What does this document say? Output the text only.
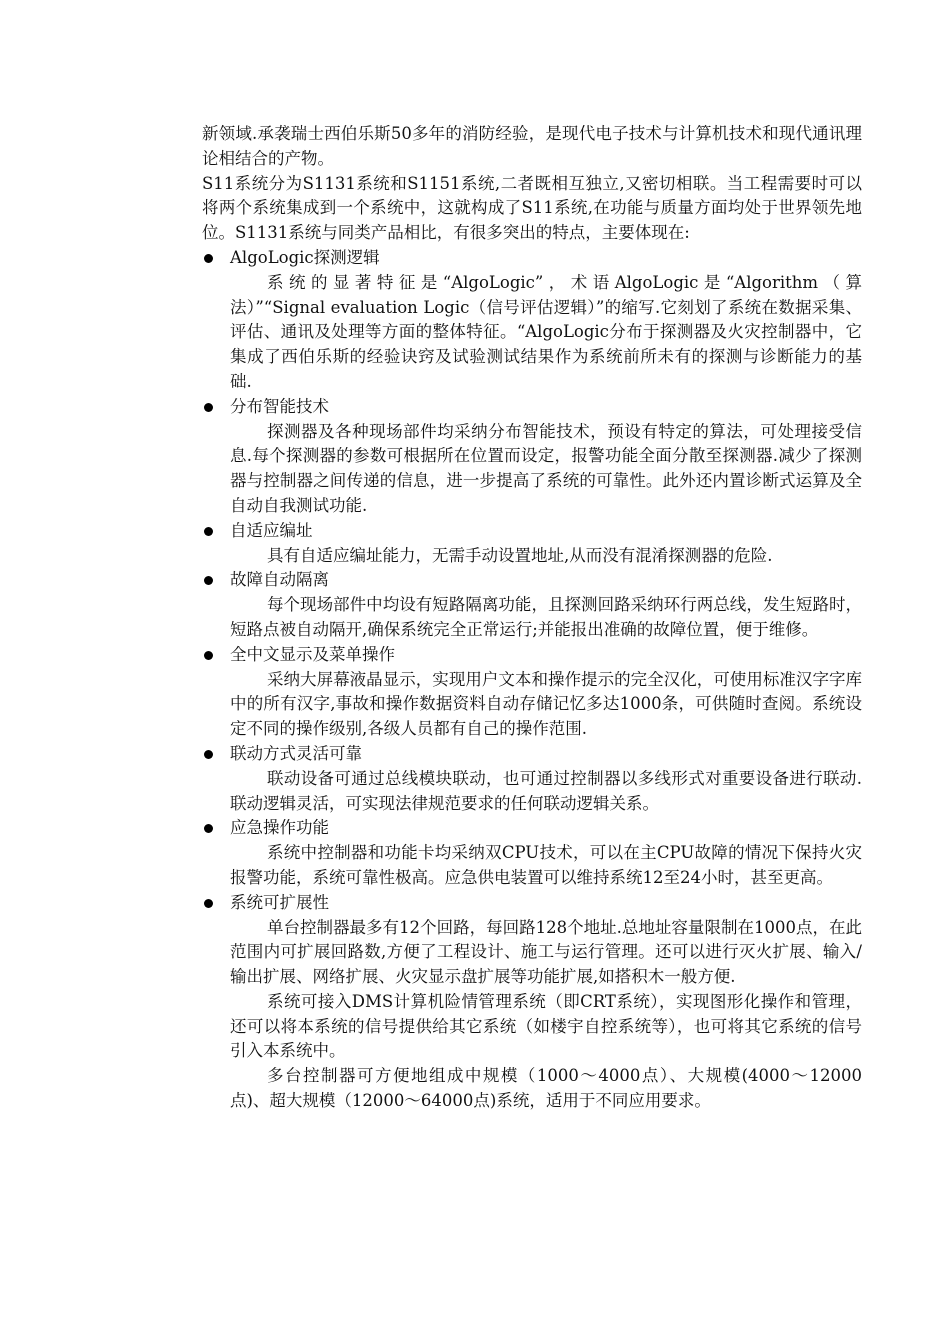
新领域.承袭瑞士西伯乐斯50多年的消防经验，是现代电子技术与计算机技术和现代通讯理论相结合的产物。

S11系统分为S1131系统和S1151系统,二者既相互独立,又密切相联。当工程需要时可以将两个系统集成到一个系统中，这就构成了S11系统,在功能与质量方面均处于世界领先地位。S1131系统与同类产品相比，有很多突出的特点，主要体现在:

AlgoLogic探测逻辑

系统的显著特征是“AlgoLogic”，术语AlgoLogic是“Algorithm（算法）”“Signal evaluation Logic（信号评估逻辑）”的缩写.它刻划了系统在数据采集、评估、通讯及处理等方面的整体特征。“AlgoLogic分布于探测器及火灾控制器中，它集成了西伯乐斯的经验诀窍及试验测试结果作为系统前所未有的探测与诊断能力的基础.

分布智能技术

探测器及各种现场部件均采纳分布智能技术，预设有特定的算法，可处理接受信息.每个探测器的参数可根据所在位置而设定，报警功能全面分散至探测器.减少了探测器与控制器之间传递的信息，进一步提高了系统的可靠性。此外还内置诊断式运算及全自动自我测试功能.

自适应编址

具有自适应编址能力，无需手动设置地址,从而没有混淆探测器的危险.

故障自动隔离

每个现场部件中均设有短路隔离功能，且探测回路采纳环行两总线，发生短路时，短路点被自动隔开,确保系统完全正常运行;并能报出准确的故障位置，便于维修。

全中文显示及菜单操作

采纳大屏幕液晶显示，实现用户文本和操作提示的完全汉化，可使用标准汉字字库中的所有汉字,事故和操作数据资料自动存储记忆多达1000条，可供随时查阅。系统设定不同的操作级别,各级人员都有自己的操作范围.

联动方式灵活可靠

联动设备可通过总线模块联动，也可通过控制器以多线形式对重要设备进行联动.联动逻辑灵活，可实现法律规范要求的任何联动逻辑关系。

应急操作功能

系统中控制器和功能卡均采纳双CPU技术，可以在主CPU故障的情况下保持火灾报警功能，系统可靠性极高。应急供电装置可以维持系统12至24小时，甚至更高。

系统可扩展性

单台控制器最多有12个回路，每回路128个地址.总地址容量限制在1000点，在此范围内可扩展回路数,方便了工程设计、施工与运行管理。还可以进行灭火扩展、输入/输出扩展、网络扩展、火灾显示盘扩展等功能扩展,如搭积木一般方便.

系统可接入DMS计算机险情管理系统（即CRT系统），实现图形化操作和管理，还可以将本系统的信号提供给其它系统（如楼宇自控系统等），也可将其它系统的信号引入本系统中。

多台控制器可方便地组成中规模（1000～4000点）、大规模(4000～12000点)、超大规模（12000～64000点)系统，适用于不同应用要求。
